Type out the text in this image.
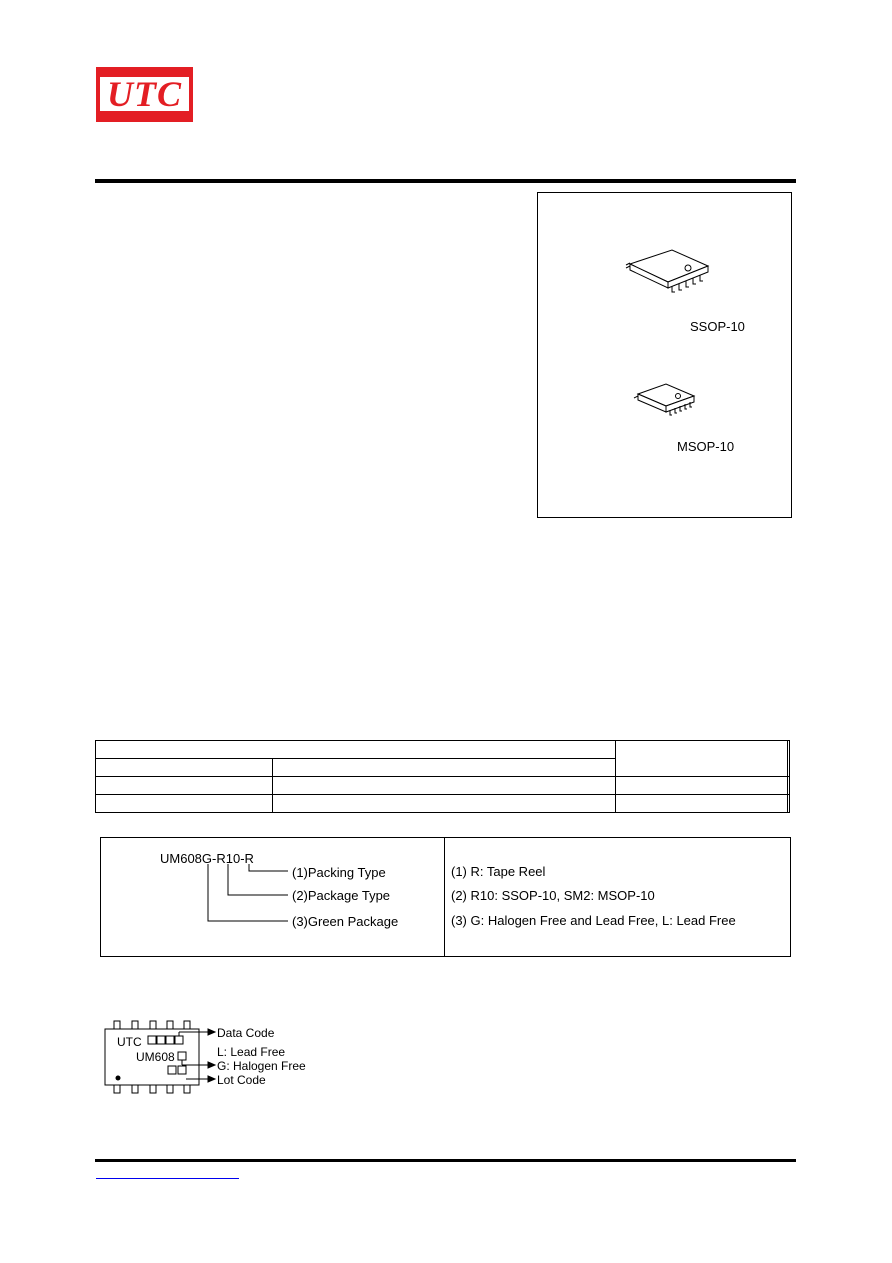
UTC
SSOP-10
MSOP-10

UM608G-R10-R
(1)Packing Type
(2)Package Type
(3)Green Package
(1) R: Tape Reel
(2) R10: SSOP-10, SM2: MSOP-10
(3) G: Halogen Free and Lead Free, L: Lead Free
UTC
UM608
Data Code
L: Lead Free
G: Halogen Free
Lot Code
